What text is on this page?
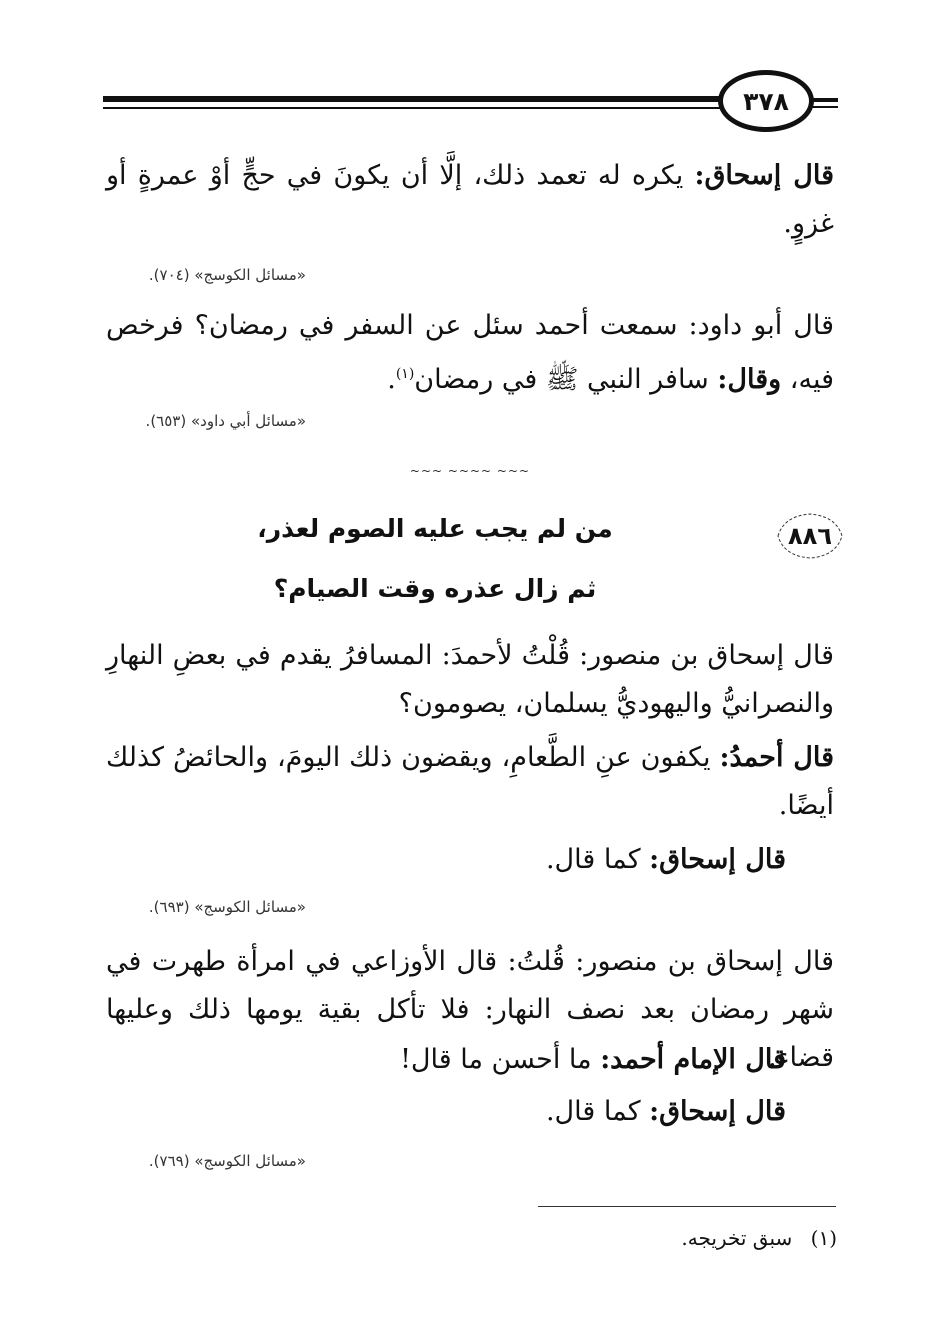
٣٧٨
قال إسحاق: يكره له تعمد ذلك، إلَّا أن يكونَ في حجٍّ أوْ عمرةٍ أو غزوٍ.
«مسائل الكوسج» (٧٠٤).
قال أبو داود: سمعت أحمد سئل عن السفر في رمضان؟ فرخص فيه، وقال: سافر النبي ﷺ في رمضان$^{(١)}$.
«مسائل أبي داود» (٦٥٣).
~~~ ~~~~ ~~~
٨٨٦
من لم يجب عليه الصوم لعذر،
ثم زال عذره وقت الصيام؟
قال إسحاق بن منصور: قُلْتُ لأحمدَ: المسافرُ يقدم في بعضِ النهارِ والنصرانيُّ واليهوديُّ يسلمان، يصومون؟
قال أحمدُ: يكفون عنِ الطَّعامِ، ويقضون ذلك اليومَ، والحائضُ كذلك أيضًا.
قال إسحاق: كما قال.
«مسائل الكوسج» (٦٩٣).
قال إسحاق بن منصور: قُلتُ: قال الأوزاعي في امرأة طهرت في شهر رمضان بعد نصف النهار: فلا تأكل بقية يومها ذلك وعليها قضاء.
قال الإمام أحمد: ما أحسن ما قال!
قال إسحاق: كما قال.
«مسائل الكوسج» (٧٦٩).
(١) سبق تخريجه.
